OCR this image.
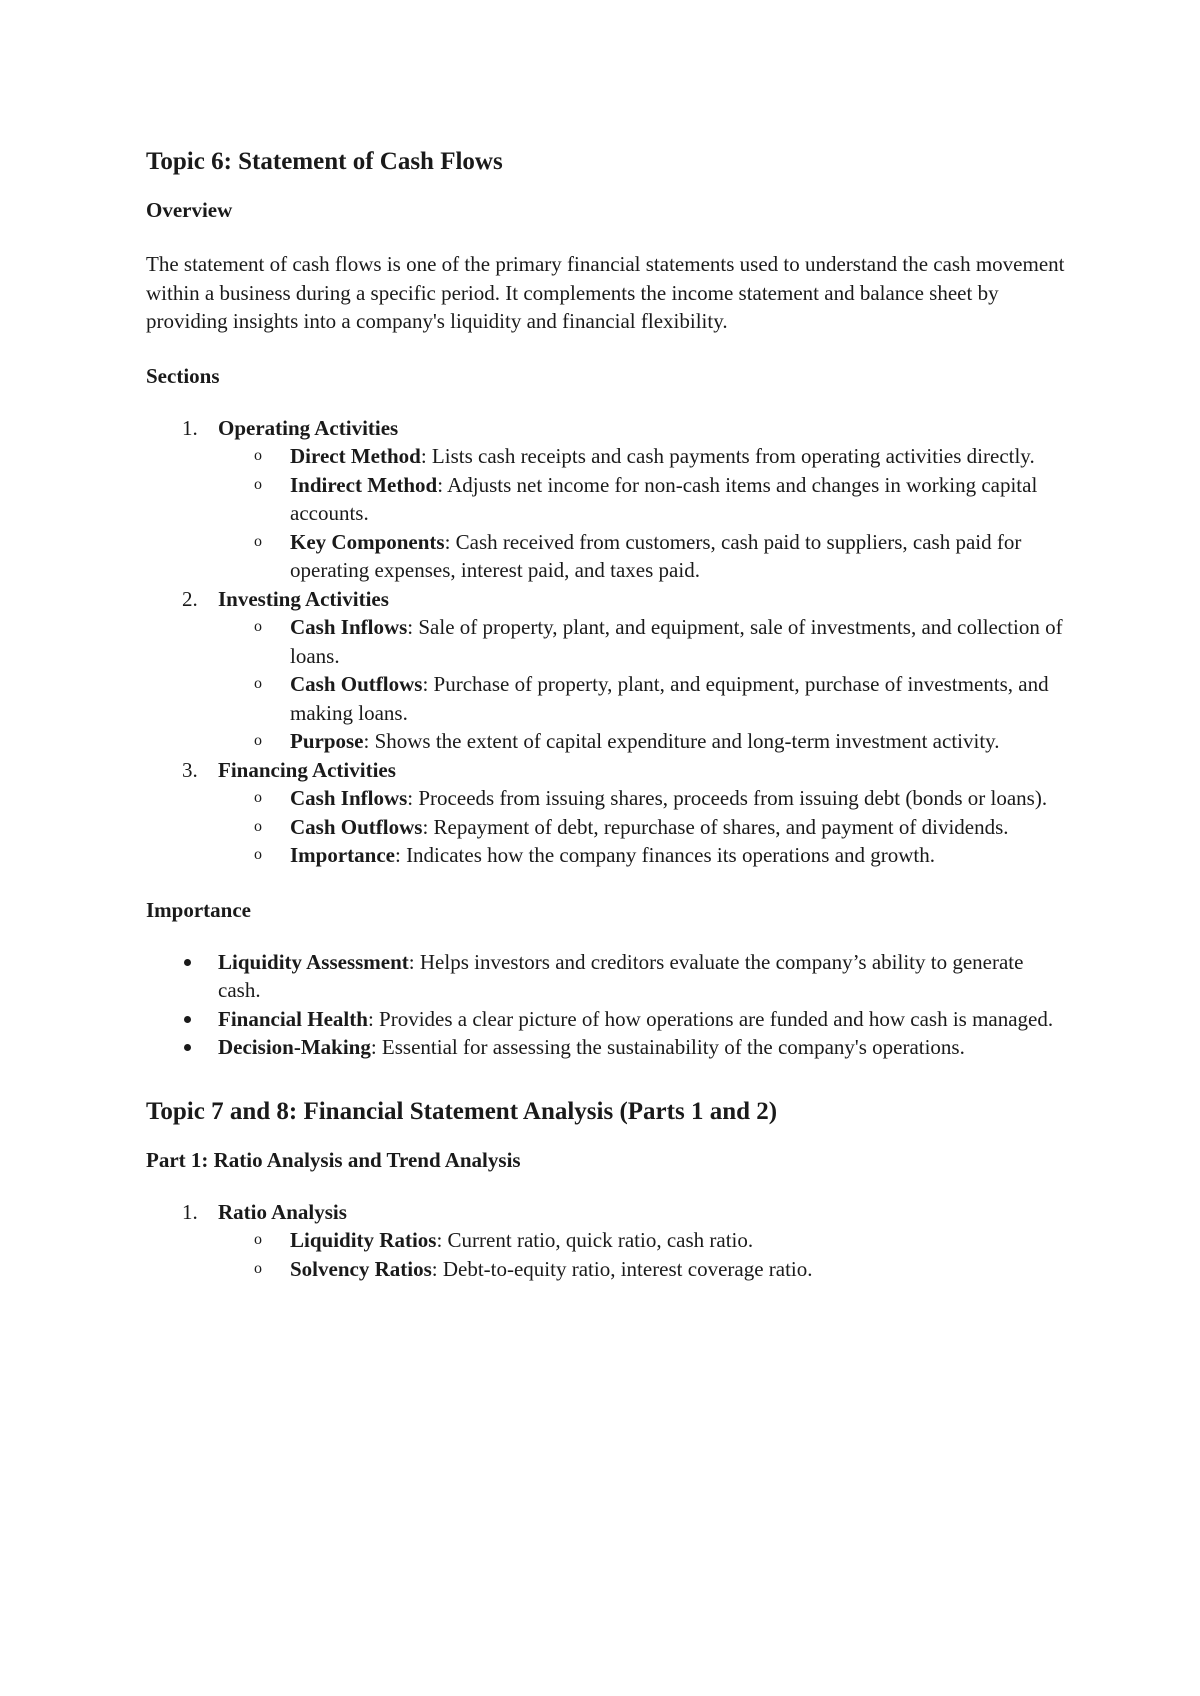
Topic 6: Statement of Cash Flows
Overview

The statement of cash flows is one of the primary financial statements used to understand the cash movement within a business during a specific period. It complements the income statement and balance sheet by providing insights into a company's liquidity and financial flexibility.

Sections
1. Operating Activities
o Direct Method: Lists cash receipts and cash payments from operating activities directly.
o Indirect Method: Adjusts net income for non-cash items and changes in working capital accounts.
o Key Components: Cash received from customers, cash paid to suppliers, cash paid for operating expenses, interest paid, and taxes paid.
2. Investing Activities
o Cash Inflows: Sale of property, plant, and equipment, sale of investments, and collection of loans.
o Cash Outflows: Purchase of property, plant, and equipment, purchase of investments, and making loans.
o Purpose: Shows the extent of capital expenditure and long-term investment activity.
3. Financing Activities
o Cash Inflows: Proceeds from issuing shares, proceeds from issuing debt (bonds or loans).
o Cash Outflows: Repayment of debt, repurchase of shares, and payment of dividends.
o Importance: Indicates how the company finances its operations and growth.
Importance
Liquidity Assessment: Helps investors and creditors evaluate the company’s ability to generate cash.
Financial Health: Provides a clear picture of how operations are funded and how cash is managed.
Decision-Making: Essential for assessing the sustainability of the company's operations.
Topic 7 and 8: Financial Statement Analysis (Parts 1 and 2)
Part 1: Ratio Analysis and Trend Analysis
1. Ratio Analysis
o Liquidity Ratios: Current ratio, quick ratio, cash ratio.
o Solvency Ratios: Debt-to-equity ratio, interest coverage ratio.
